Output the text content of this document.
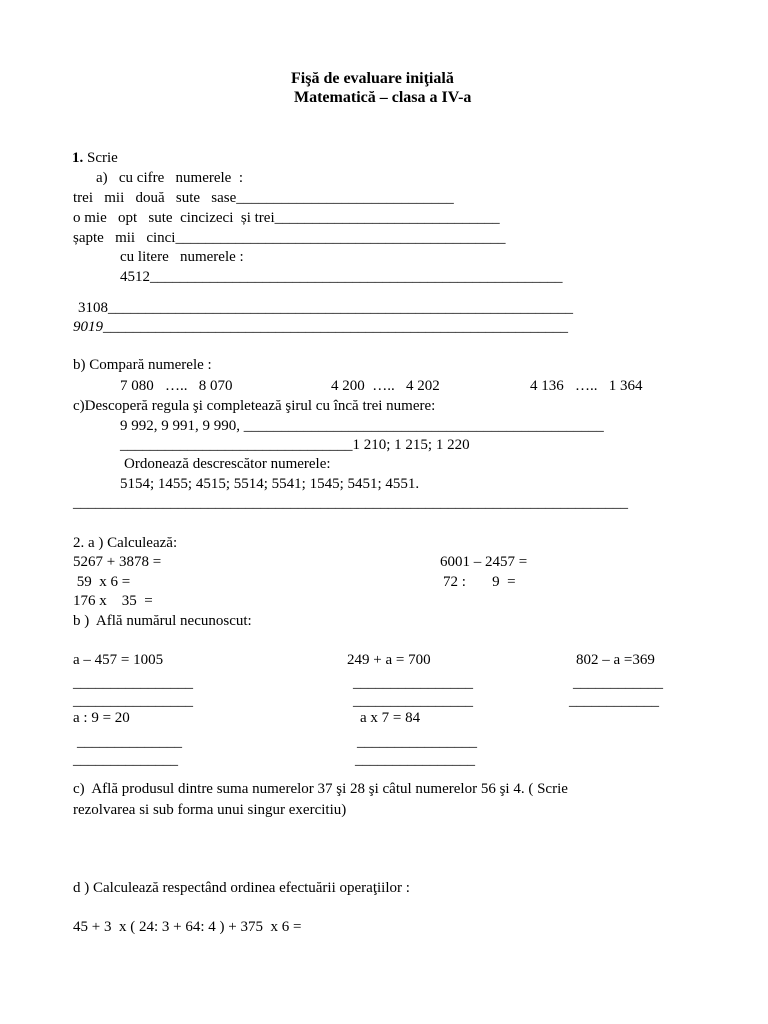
Fişă de evaluare iniţială
Matematică – clasa a IV-a
1. Scrie
a)   cu cifre   numerele  :
trei   mii   două   sute   sase_____________________________
o mie   opt   sute  cincizeci  și trei______________________________
șapte   mii   cinci____________________________________________
cu litere   numerele :
4512_______________________________________________________
3108______________________________________________________________
9019______________________________________________________________
b) Compară numerele :
7 080   …..   8 070	4 200  …..   4 202	4 136   …..   1 364
c)Descoperă regula şi completează şirul cu încă trei numere:
9 992, 9 991, 9 990, ________________________________________________
_______________________________1 210; 1 215; 1 220
Ordonează descrescător numerele:
5154; 1455; 4515; 5514; 5541; 1545; 5451; 4551.
__________________________________________________________________________
2. a ) Calculează:
5267 + 3878 =	6001 – 2457 =
59  x 6 =	72 :       9  =
176 x    35  =
b )  Află numărul necunoscut:
a – 457 = 1005	249 + a = 700	802 – a =369
________________	________________	____________
________________	________________	____________
a : 9 = 20	a x 7 = 84
______________	________________
______________	________________
c)  Află produsul dintre suma numerelor 37 şi 28 şi câtul numerelor 56 şi 4. ( Scrie
rezolvarea si sub forma unui singur exercitiu)
d ) Calculează respectând ordinea efectuării operaţiilor :
45 + 3  x ( 24: 3 + 64: 4 ) + 375  x 6 =
